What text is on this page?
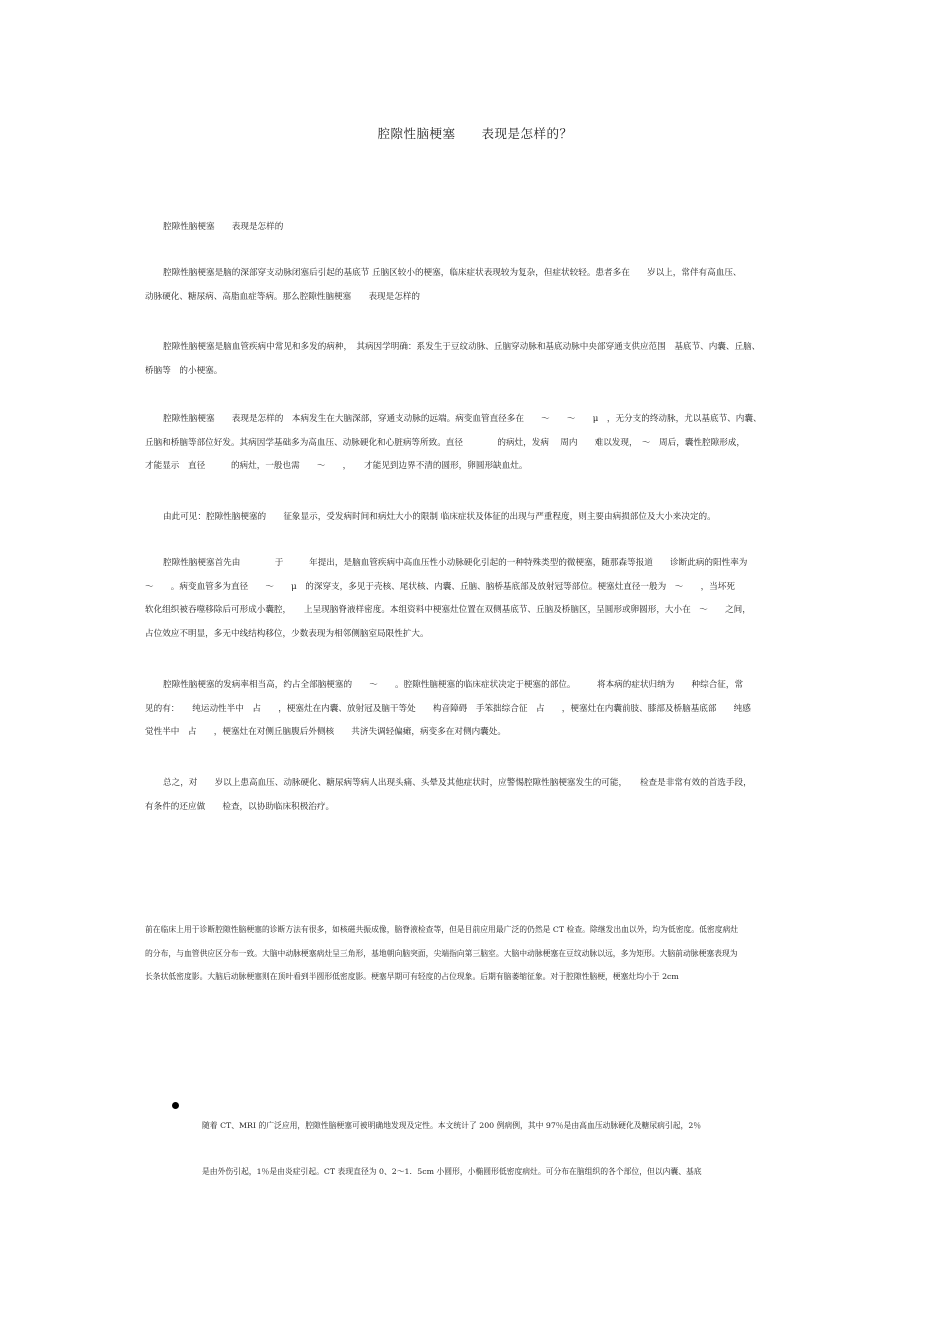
腔隙性脑梗塞　　表现是怎样的？
腔隙性脑梗塞　　表现是怎样的
腔隙性脑梗塞是脑的深部穿支动脉闭塞后引起的基底节 丘脑区较小的梗塞，临床症状表现较为复杂，但症状较轻。患者多在　　岁以上，常伴有高血压、
动脉硬化、糖尿病、高脂血症等病。那么腔隙性脑梗塞　　表现是怎样的
腔隙性脑梗塞是脑血管疾病中常见和多发的病种，　其病因学明确：系发生于豆纹动脉、丘脑穿动脉和基底动脉中央部穿通支供应范围　基底节、内囊、丘脑、
桥脑等　的小梗塞。
腔隙性脑梗塞　　表现是怎样的　本病发生在大脑深部，穿通支动脉的远端。病变血管直径多在　　～　　～　　μ　，无分支的终动脉，尤以基底节、内囊、
丘脑和桥脑等部位好发。其病因学基础多为高血压、动脉硬化和心脏病等所致。直径　　　　的病灶，发病　 周内　　难以发现，　～　周后，囊性腔隙形成，
才能显示　直径　　　的病灶，一般也需　　～　　，　　才能见到边界不清的圆形，卵圆形缺血灶。
由此可见：腔隙性脑梗塞的　　征象显示，受发病时间和病灶大小的限制 临床症状及体征的出现与严重程度，则主要由病损部位及大小来决定的。
腔隙性脑梗塞首先由　　　　于　　　年提出，是脑血管疾病中高血压性小动脉硬化引起的一种特殊类型的微梗塞，随那森等报道　　诊断此病的阳性率为
～　　。病变血管多为直径　　～　　μ　的深穿支，多见于壳核、尾状核、内囊、丘脑、脑桥基底部及放射冠等部位。梗塞灶直径一般为　～　　，当坏死
软化组织被吞噬移除后可形成小囊腔，　　上呈现脑脊液样密度。本组资料中梗塞灶位置在双侧基底节、丘脑及桥脑区，呈圆形或卵圆形，大小在　～　　之间，
占位效应不明显，多无中线结构移位，少数表现为相邻侧脑室局限性扩大。
腔隙性脑梗塞的发病率相当高，约占全部脑梗塞的　　～　　。腔隙性脑梗塞的临床症状决定于梗塞的部位。　　　将本病的症状归纳为　　种综合征，常
见的有：　　纯运动性半中　占　　，梗塞灶在内囊、放射冠及脑干等处　　构音障碍　手笨拙综合征　占　　，梗塞灶在内囊前肢、膝部及桥脑基底部　　纯感
觉性半中　占　　，梗塞灶在对侧丘脑腹后外侧核　　共济失调轻偏瘫，病变多在对侧内囊处。
总之，对　　岁以上患高血压、动脉硬化、糖尿病等病人出现头痛、头晕及其他症状时，应警惕腔隙性脑梗塞发生的可能，　　检查是非常有效的首选手段，
有条件的还应做　　检查，以协助临床积极治疗。
前在临床上用于诊断腔隙性脑梗塞的诊断方法有很多，如核磁共振成像，脑脊液检查等，但是目前应用最广泛的仍然是 CT 检查。除继发出血以外，均为低密度。低密度病灶
的分布，与血管供应区分布一致。大脑中动脉梗塞病灶呈三角形，基地朝向脑突面，尖端指向第三脑室。大脑中动脉梗塞在豆纹动脉以远，多为矩形。大脑前动脉梗塞表现为
长条状低密度影。大脑后动脉梗塞则在顶叶看到半圆形低密度影。梗塞早期可有轻度的占位现象。后期有脑萎缩征象。对于腔隙性脑梗，梗塞灶均小于 2cm
随着 CT、MRI 的广泛应用，腔隙性脑梗塞可被明确地发现及定性。本文统计了 200 例病例，其中 97％是由高血压动脉硬化及糖尿病引起，2％
是由外伤引起，1％是由炎症引起。CT 表现直径为 0、2～1．5cm 小圆形，小椭圆形低密度病灶。可分布在脑组织的各个部位，但以内囊、基底
